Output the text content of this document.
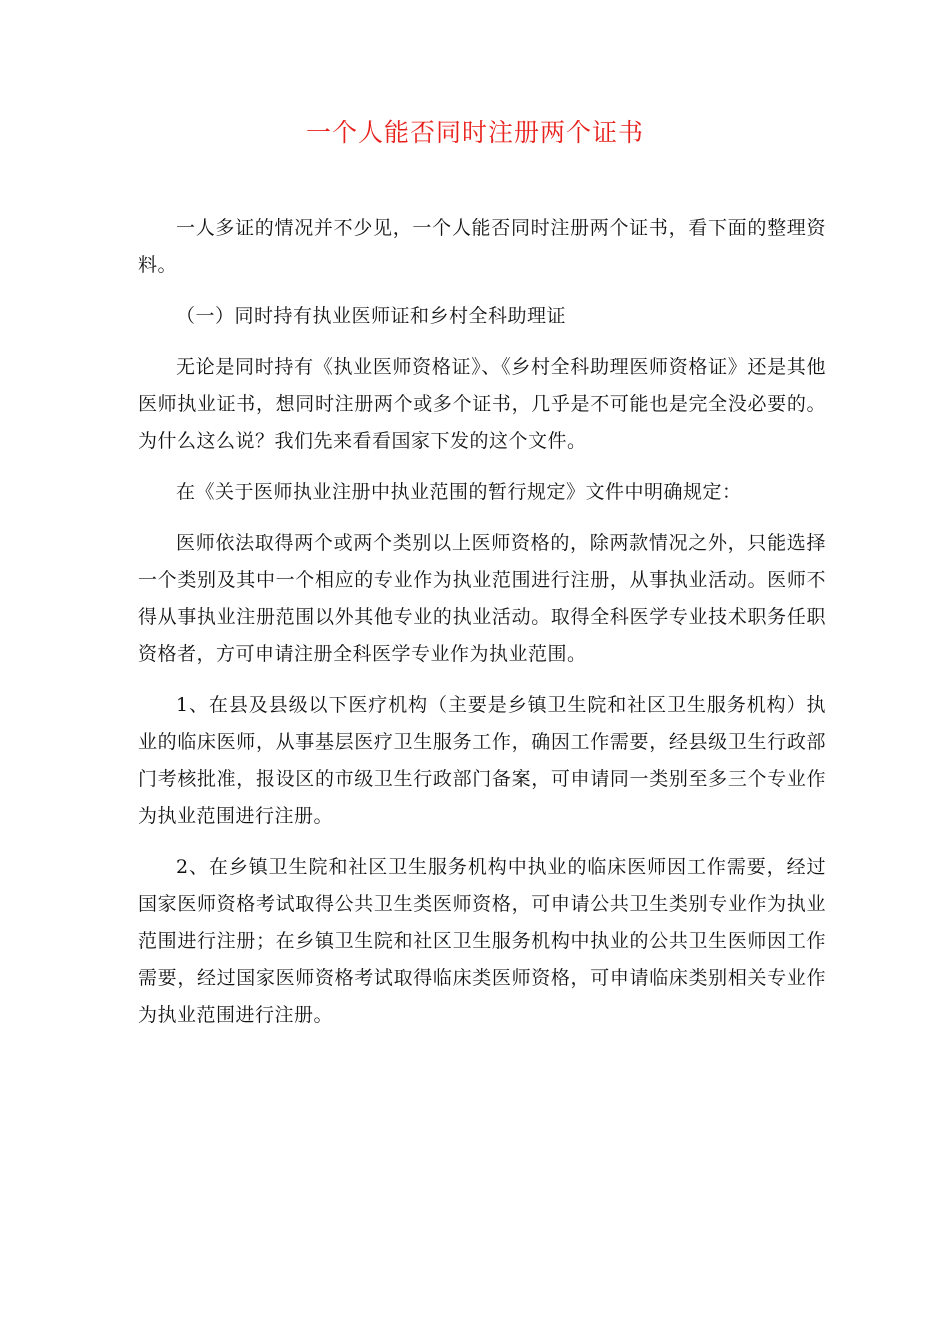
一个人能否同时注册两个证书

一人多证的情况并不少见，一个人能否同时注册两个证书，看下面的整理资料。

（一）同时持有执业医师证和乡村全科助理证

无论是同时持有《执业医师资格证》、《乡村全科助理医师资格证》还是其他医师执业证书，想同时注册两个或多个证书，几乎是不可能也是完全没必要的。为什么这么说？我们先来看看国家下发的这个文件。

在《关于医师执业注册中执业范围的暂行规定》文件中明确规定：

医师依法取得两个或两个类别以上医师资格的，除两款情况之外，只能选择一个类别及其中一个相应的专业作为执业范围进行注册，从事执业活动。医师不得从事执业注册范围以外其他专业的执业活动。取得全科医学专业技术职务任职资格者，方可申请注册全科医学专业作为执业范围。

1、在县及县级以下医疗机构（主要是乡镇卫生院和社区卫生服务机构）执业的临床医师，从事基层医疗卫生服务工作，确因工作需要，经县级卫生行政部门考核批准，报设区的市级卫生行政部门备案，可申请同一类别至多三个专业作为执业范围进行注册。

2、在乡镇卫生院和社区卫生服务机构中执业的临床医师因工作需要，经过国家医师资格考试取得公共卫生类医师资格，可申请公共卫生类别专业作为执业范围进行注册；在乡镇卫生院和社区卫生服务机构中执业的公共卫生医师因工作需要，经过国家医师资格考试取得临床类医师资格，可申请临床类别相关专业作为执业范围进行注册。
